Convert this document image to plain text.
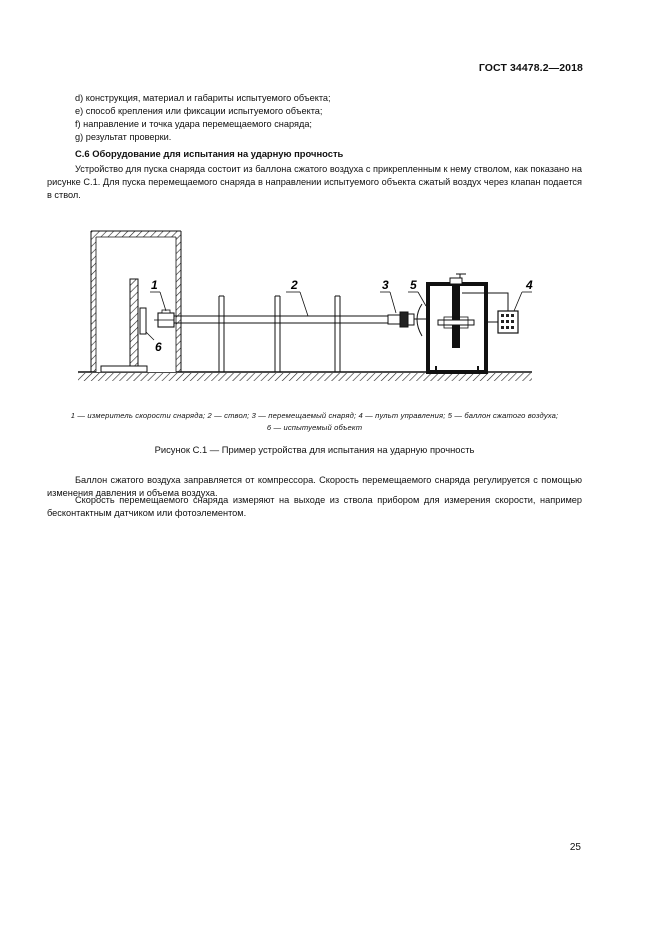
ГОСТ 34478.2—2018
d) конструкция, материал и габариты испытуемого объекта;
e) способ крепления или фиксации испытуемого объекта;
f) направление и точка удара перемещаемого снаряда;
g) результат проверки.
С.6 Оборудование для испытания на ударную прочность
Устройство для пуска снаряда состоит из баллона сжатого воздуха с прикрепленным к нему стволом, как показано на рисунке С.1. Для пуска перемещаемого снаряда в направлении испытуемого объекта сжатый воздух через клапан подается в ствол.
1	2	3	4
5
6
1 — измеритель скорости снаряда; 2 — ствол; 3 — перемещаемый снаряд; 4 — пульт управления; 5 — баллон сжатого воздуха;
6 — испытуемый объект
Рисунок С.1 — Пример устройства для испытания на ударную прочность
Баллон сжатого воздуха заправляется от компрессора. Скорость перемещаемого снаряда регулируется с помощью изменения давления и объема воздуха.
Скорость перемещаемого снаряда измеряют на выходе из ствола прибором для измерения скорости, например бесконтактным датчиком или фотоэлементом.
25
